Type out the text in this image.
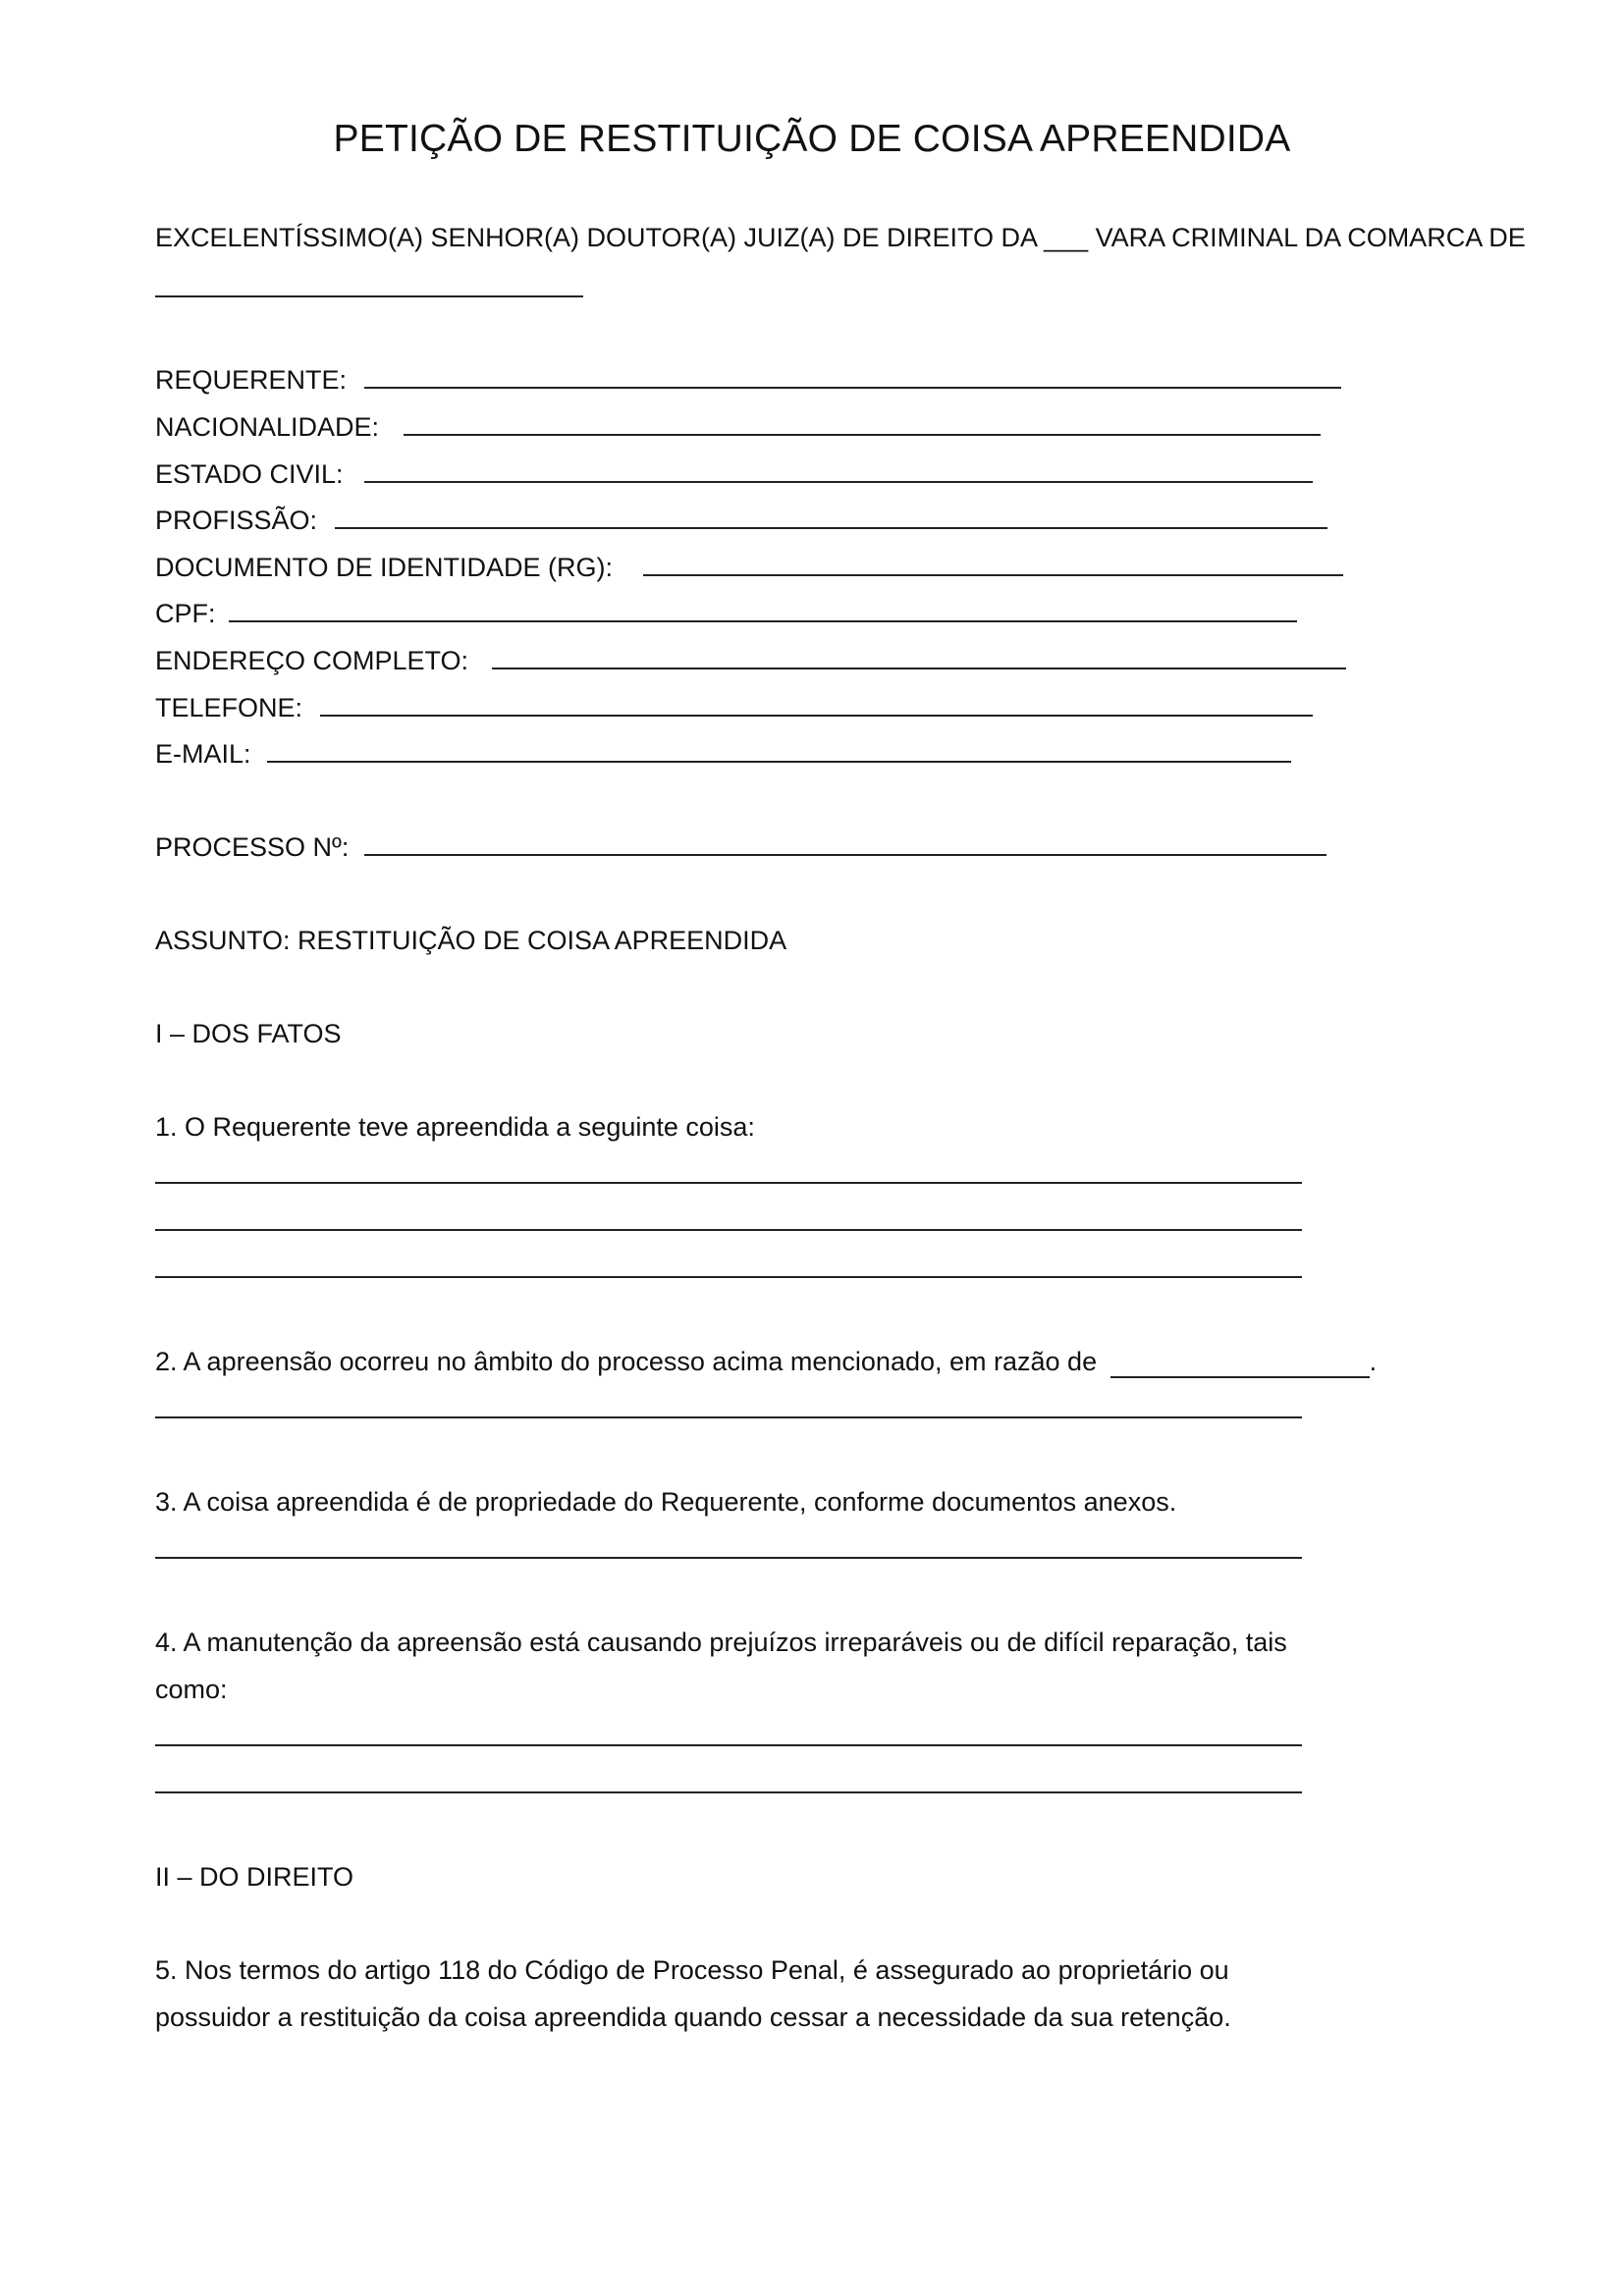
PETIÇÃO DE RESTITUIÇÃO DE COISA APREENDIDA
EXCELENTÍSSIMO(A) SENHOR(A) DOUTOR(A) JUIZ(A) DE DIREITO DA ___ VARA CRIMINAL DA COMARCA DE
REQUERENTE:
NACIONALIDADE:
ESTADO CIVIL:
PROFISSÃO:
DOCUMENTO DE IDENTIDADE (RG):
CPF:
ENDEREÇO COMPLETO:
TELEFONE:
E-MAIL:
PROCESSO Nº:
ASSUNTO: RESTITUIÇÃO DE COISA APREENDIDA
I – DOS FATOS
1. O Requerente teve apreendida a seguinte coisa:
2. A apreensão ocorreu no âmbito do processo acima mencionado, em razão de	.
3. A coisa apreendida é de propriedade do Requerente, conforme documentos anexos.
4. A manutenção da apreensão está causando prejuízos irreparáveis ou de difícil reparação, tais
como:
II – DO DIREITO
5. Nos termos do artigo 118 do Código de Processo Penal, é assegurado ao proprietário ou
possuidor a restituição da coisa apreendida quando cessar a necessidade da sua retenção.
